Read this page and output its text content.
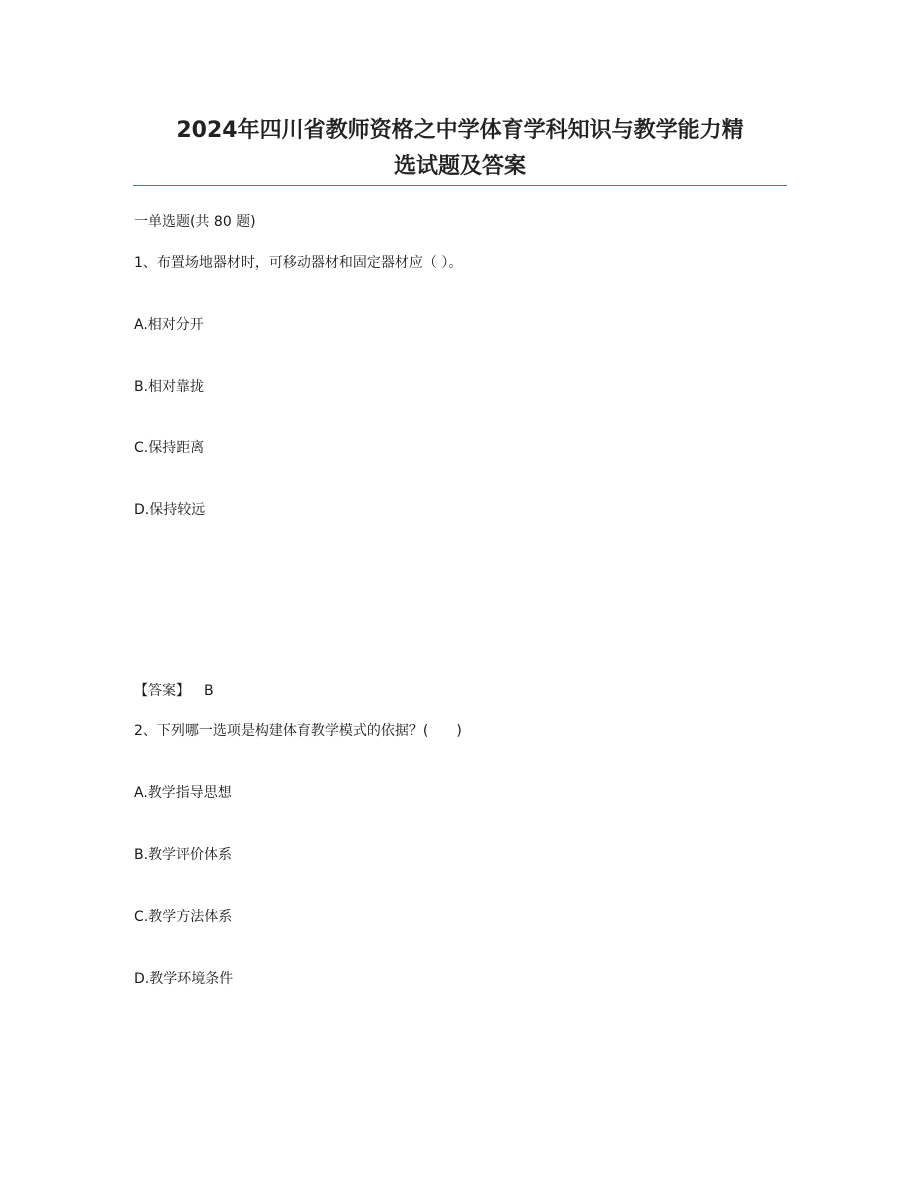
2024年四川省教师资格之中学体育学科知识与教学能力精
选试题及答案
一单选题(共 80 题)
1、布置场地器材时，可移动器材和固定器材应（ ）。
A.相对分开
B.相对靠拢
C.保持距离
D.保持较远
【答案】 B
2、下列哪一选项是构建体育教学模式的依据？(　　)
A.教学指导思想
B.教学评价体系
C.教学方法体系
D.教学环境条件
